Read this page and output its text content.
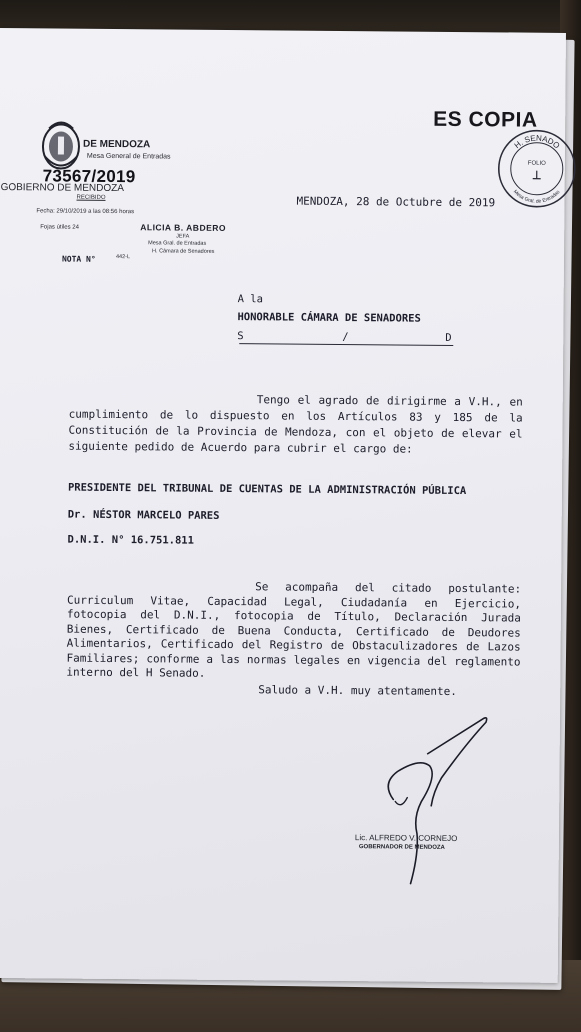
DE MENDOZA
Mesa General de Entradas
73567/2019
GOBIERNO DE MENDOZA
RECIBIDO
Fecha: 29/10/2019 a las 08:56 horas
Fojas útiles 24	ALICIA B. ABDERO
JEFA
Mesa Gral. de Entradas
H. Cámara de Senadores
NOTA N°	442-L
ES COPIA
H. SENADO
FOLIO
Mesa Gral. de Entradas
MENDOZA, 28 de Octubre de 2019
A la
HONORABLE CÁMARA DE SENADORES
S	/	D
Tengo el agrado de dirigirme a V.H., en cumplimiento de lo dispuesto en los Artículos 83 y 185 de la Constitución de la Provincia de Mendoza, con el objeto de elevar el siguiente pedido de Acuerdo para cubrir el cargo de:
PRESIDENTE DEL TRIBUNAL DE CUENTAS DE LA ADMINISTRACIÓN PÚBLICA
Dr. NÉSTOR MARCELO PARES
D.N.I. N° 16.751.811
Se acompaña del citado postulante: Curriculum Vitae, Capacidad Legal, Ciudadanía en Ejercicio, fotocopia del D.N.I., fotocopia de Título, Declaración Jurada Bienes, Certificado de Buena Conducta, Certificado de Deudores Alimentarios, Certificado del Registro de Obstaculizadores de Lazos Familiares; conforme a las normas legales en vigencia del reglamento interno del H Senado.
Saludo a V.H. muy atentamente.
Lic. ALFREDO V. CORNEJO
GOBERNADOR DE MENDOZA
